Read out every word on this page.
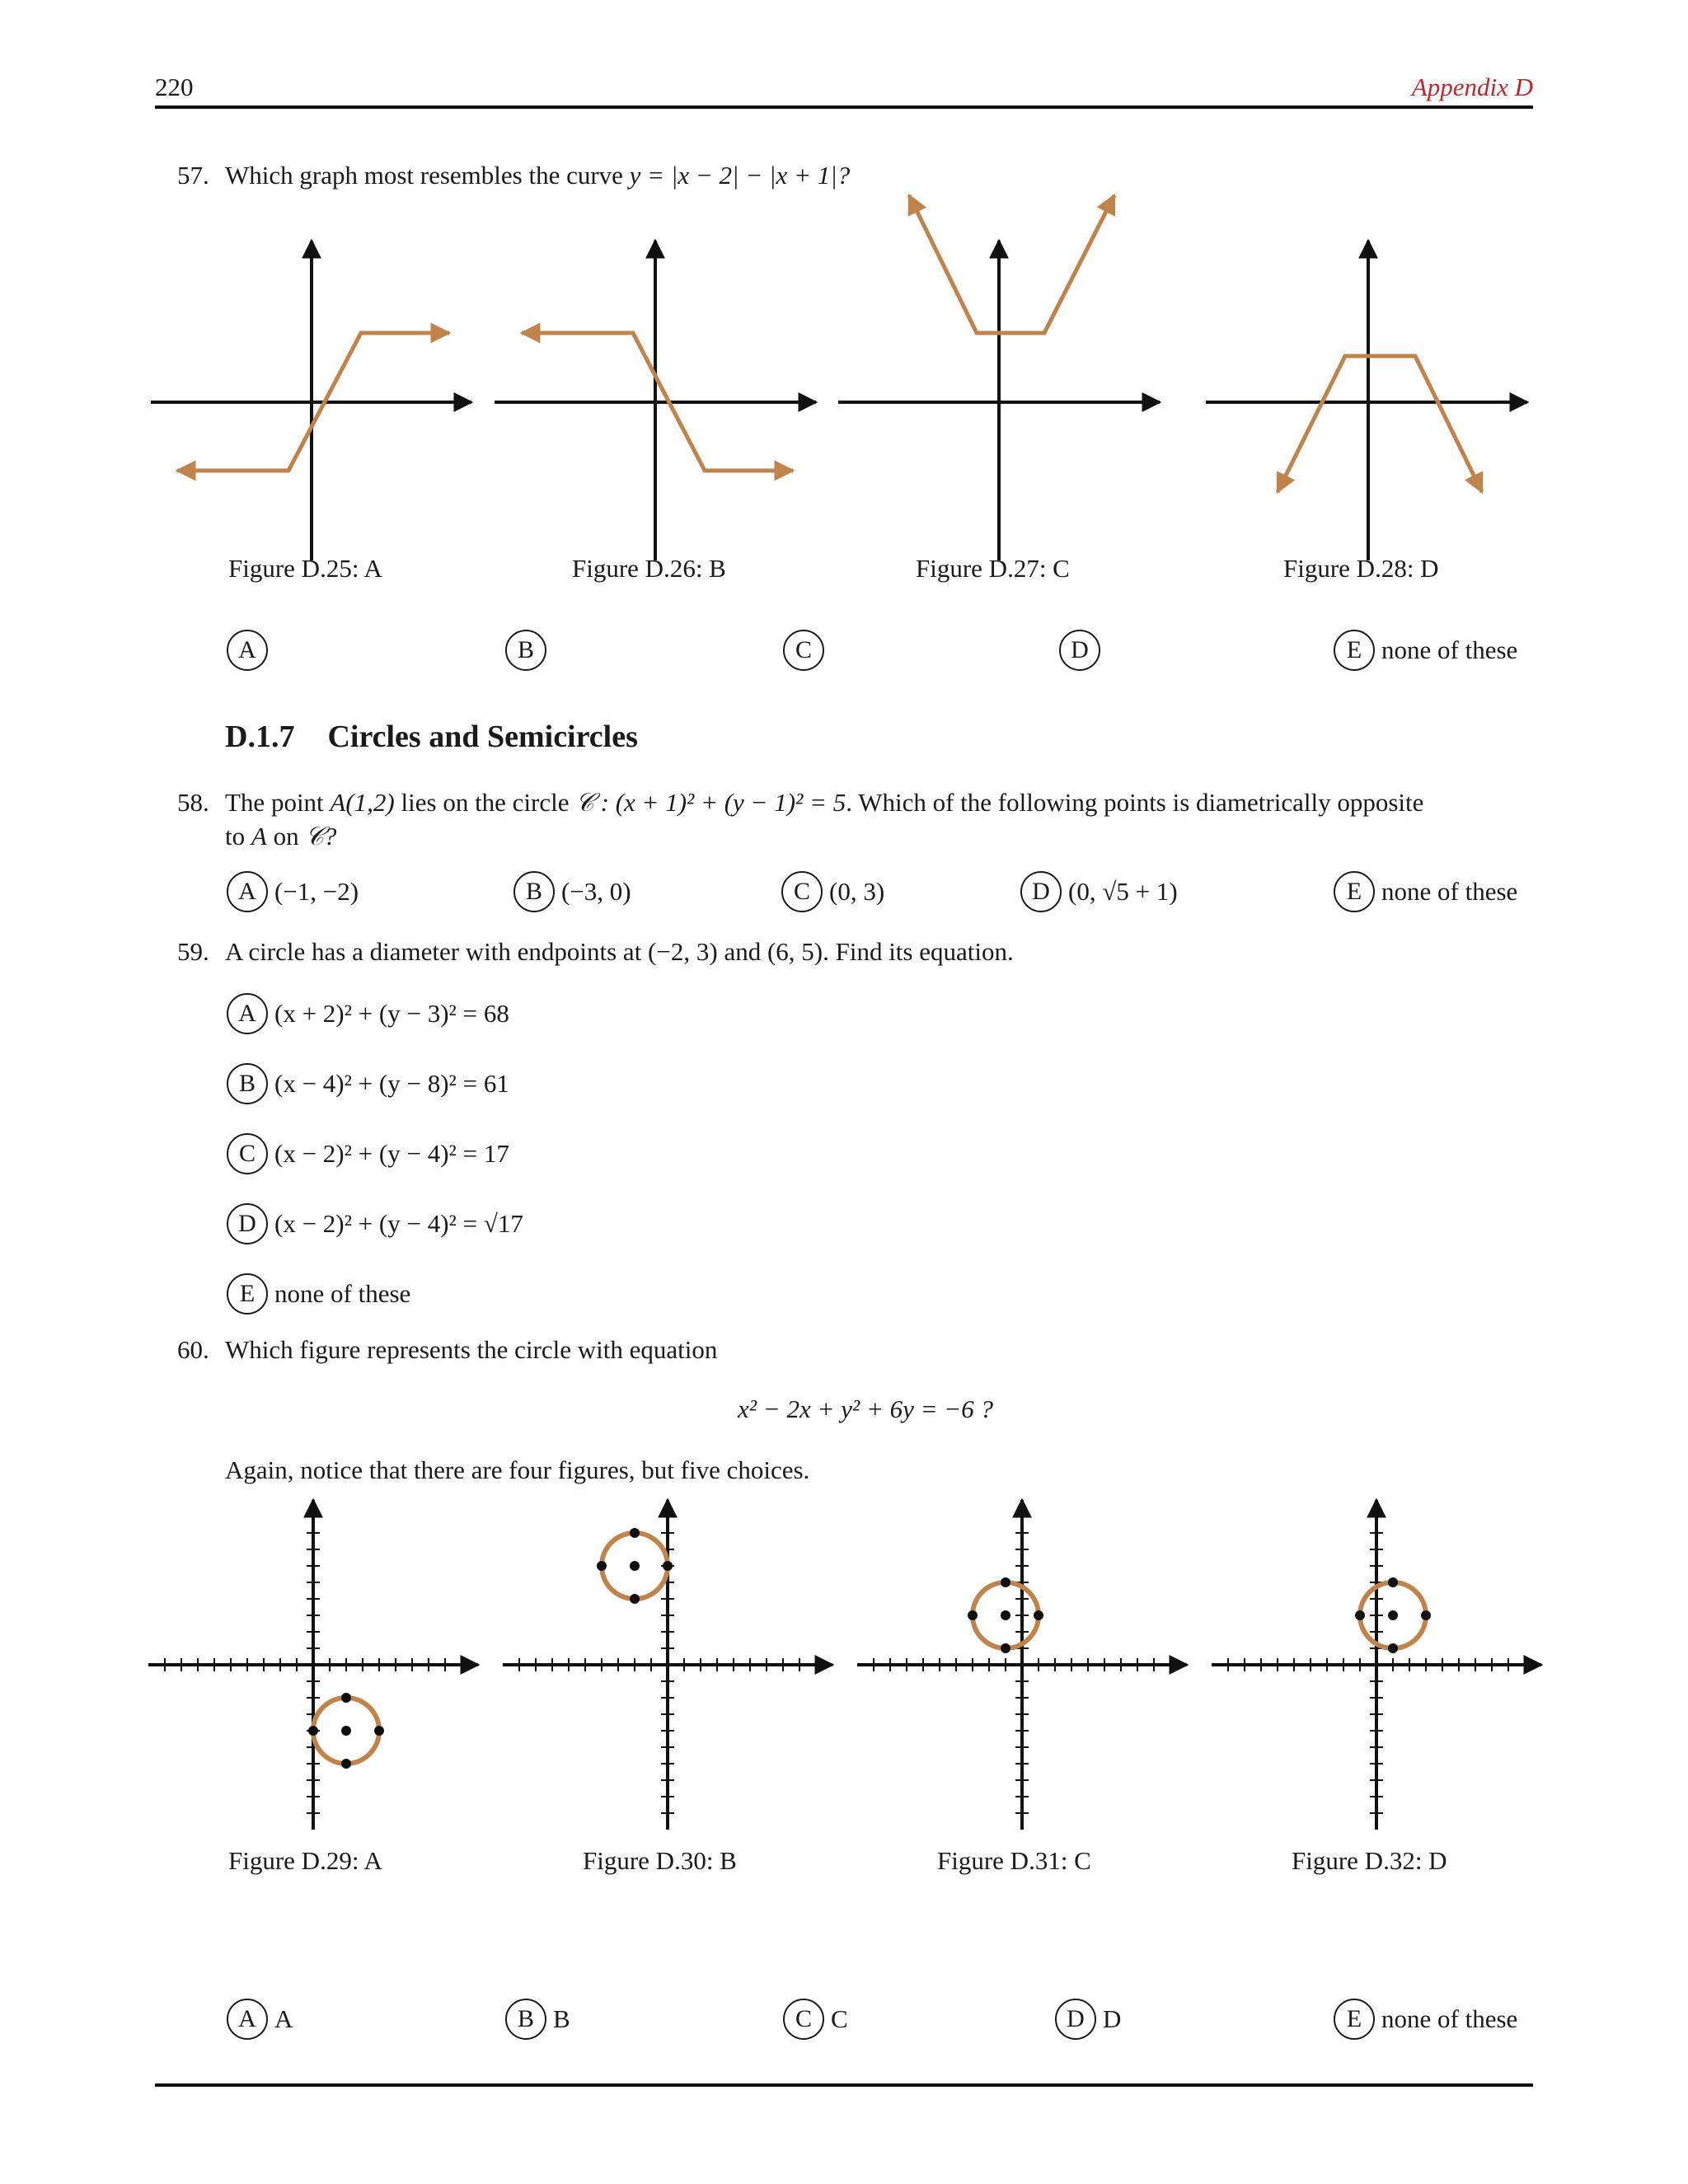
220	Appendix D
57. Which graph most resembles the curve y = |x − 2| − |x + 1|?
Figure D.25: A	Figure D.26: B	Figure D.27: C	Figure D.28: D
A	B	C	D	E none of these
D.1.7 Circles and Semicircles
58. The point A(1,2) lies on the circle 𝒞 : (x + 1)² + (y − 1)² = 5. Which of the following points is diametrically opposite
to A on 𝒞?
A (−1, −2)	B (−3, 0)	C (0, 3)	D (0, √5 + 1)	E none of these
59. A circle has a diameter with endpoints at (−2, 3) and (6, 5). Find its equation.
A (x + 2)² + (y − 3)² = 68
B (x − 4)² + (y − 8)² = 61
C (x − 2)² + (y − 4)² = 17
D (x − 2)² + (y − 4)² = √17
E none of these
60. Which figure represents the circle with equation
x² − 2x + y² + 6y = −6 ?
Again, notice that there are four figures, but five choices.
Figure D.29: A	Figure D.30: B	Figure D.31: C	Figure D.32: D
A A	B B	C C	D D	E none of these
